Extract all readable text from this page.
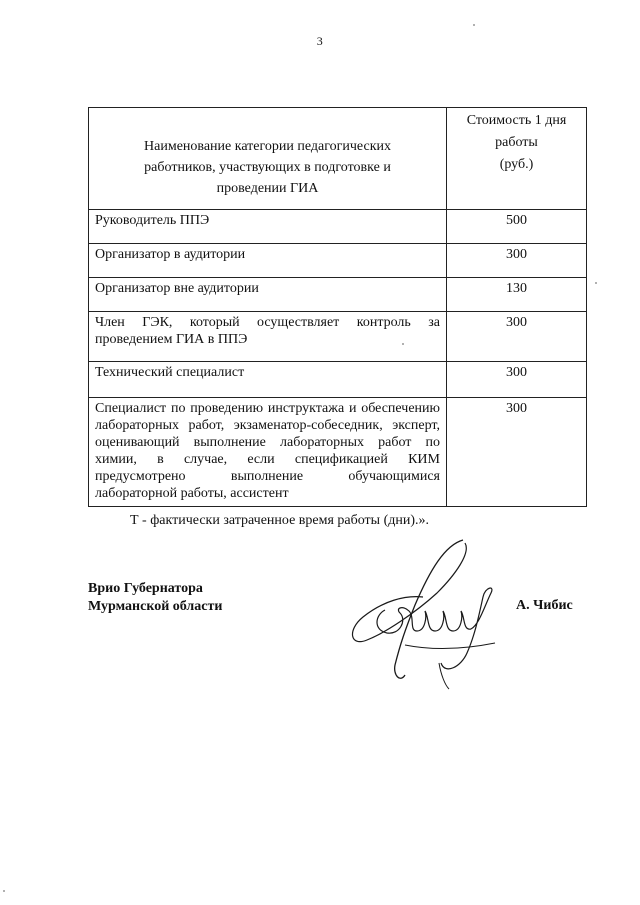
3
Наименование категории педагогических работников, участвующих в подготовке и проведении ГИА	Стоимость 1 дня
работы
(руб.)

Руководитель ППЭ	500
Организатор в аудитории	300
Организатор вне аудитории	130
Член ГЭК, который осуществляет контроль за проведением ГИА в ППЭ	300
Технический специалист	300
Специалист по проведению инструктажа и обеспечению лабораторных работ, экзаменатор-собеседник, эксперт, оценивающий выполнение лабораторных работ по химии, в случае, если спецификацией КИМ предусмотрено выполнение обучающимися лабораторной работы, ассистент	300
Т - фактически затраченное время работы (дни).».
Врио Губернатора
Мурманской области	А. Чибис
